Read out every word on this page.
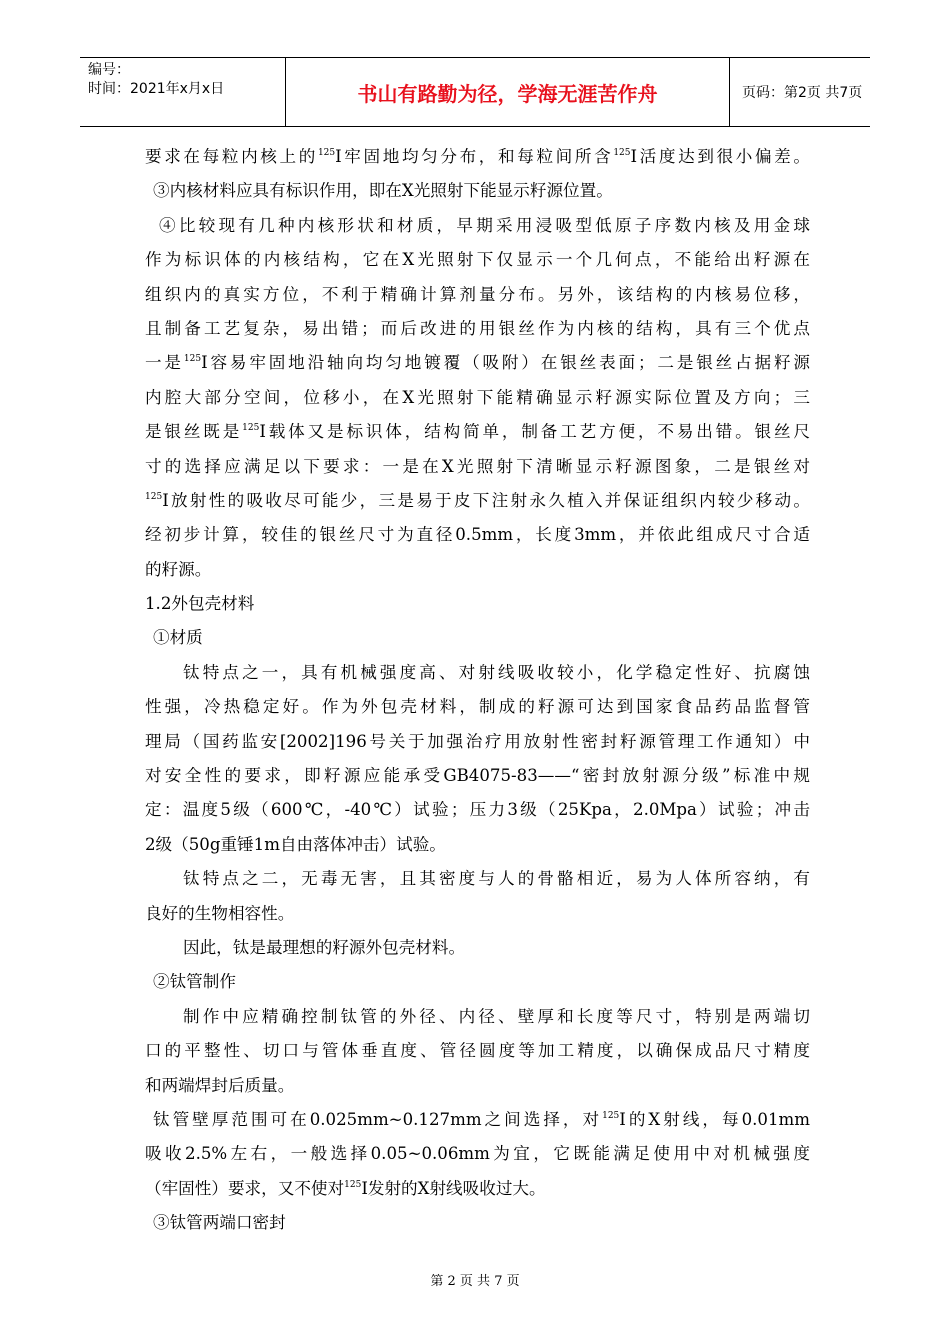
编号：
时间：2021年x月x日	书山有路勤为径，学海无涯苦作舟	页码：第2页 共7页
要求在每粒内核上的$^{125}$I牢固地均匀分布，和每粒间所含$^{125}$I活度达到很小偏差。
③内核材料应具有标识作用，即在X光照射下能显示籽源位置。
④比较现有几种内核形状和材质，早期采用浸吸型低原子序数内核及用金球
作为标识体的内核结构，它在X光照射下仅显示一个几何点，不能给出籽源在
组织内的真实方位，不利于精确计算剂量分布。另外，该结构的内核易位移，
且制备工艺复杂，易出错；而后改进的用银丝作为内核的结构，具有三个优点
一是$^{125}$I容易牢固地沿轴向均匀地镀覆（吸附）在银丝表面；二是银丝占据籽源
内腔大部分空间，位移小，在X光照射下能精确显示籽源实际位置及方向；三
是银丝既是$^{125}$I载体又是标识体，结构简单，制备工艺方便，不易出错。银丝尺
寸的选择应满足以下要求：一是在X光照射下清晰显示籽源图象，二是银丝对
$^{125}$I放射性的吸收尽可能少，三是易于皮下注射永久植入并保证组织内较少移动。
经初步计算，较佳的银丝尺寸为直径0.5mm，长度3mm，并依此组成尺寸合适
的籽源。
1.2外包壳材料
①材质
钛特点之一，具有机械强度高、对射线吸收较小，化学稳定性好、抗腐蚀
性强，冷热稳定好。作为外包壳材料，制成的籽源可达到国家食品药品监督管
理局（国药监安[2002]196号关于加强治疗用放射性密封籽源管理工作通知）中
对安全性的要求，即籽源应能承受GB4075-83——“密封放射源分级”标准中规
定：温度5级（600℃，-40℃）试验；压力3级（25Kpa，2.0Mpa）试验；冲击
2级（50g重锤1m自由落体冲击）试验。
钛特点之二，无毒无害，且其密度与人的骨骼相近，易为人体所容纳，有
良好的生物相容性。
因此，钛是最理想的籽源外包壳材料。
②钛管制作
制作中应精确控制钛管的外径、内径、壁厚和长度等尺寸，特别是两端切
口的平整性、切口与管体垂直度、管径圆度等加工精度，以确保成品尺寸精度
和两端焊封后质量。
钛管壁厚范围可在0.025mm~0.127mm之间选择，对$^{125}$I的X射线，每0.01mm
吸收2.5%左右，一般选择0.05~0.06mm为宜，它既能满足使用中对机械强度
（牢固性）要求，又不使对$^{125}$I发射的X射线吸收过大。
③钛管两端口密封
第 2 页 共 7 页
